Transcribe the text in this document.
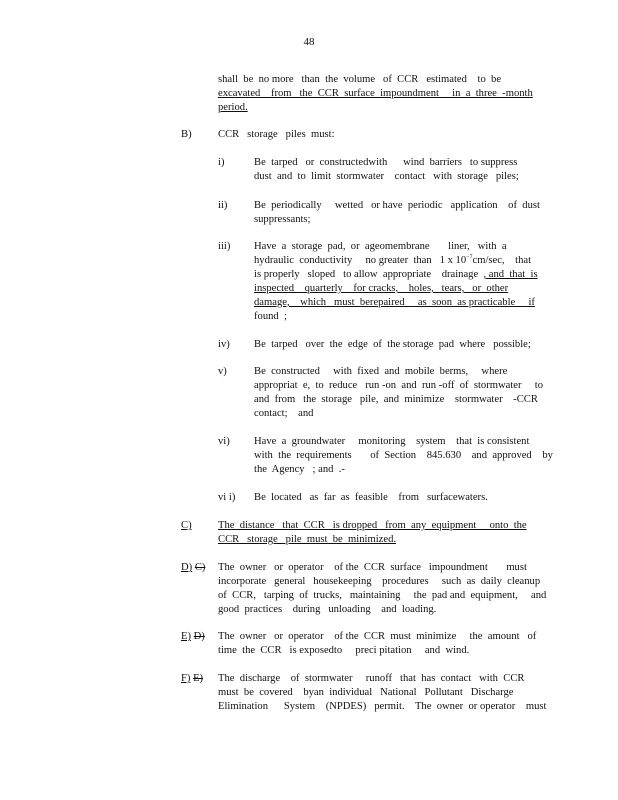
48
shall  be  no more   than  the  volume   of  CCR   estimated    to  be
excavated    from   the  CCR  surface  impoundment     in  a  three  -month
period.
B) CCR   storage   piles  must:
i)	Be  tarped   or  constructedwith      wind  barriers   to suppress
dust  and  to  limit  stormwater    contact   with  storage   piles;
ii)	Be  periodically     wetted   or have  periodic   application    of  dust
suppressants;
iii) Have  a  storage  pad,  or  ageomembrane       liner,   with  a
hydraulic  conductivity     no greater  than   1 x $10^{-7}cm/\sec$,    that
is properly   sloped   to allow  appropriate    drainage  , and  that  is
inspected    quarterly    for cracks,    holes,   tears,   or  other
damage,    which   must  berepaired     as  soon  as practicable     if
found  ;
iv) Be  tarped   over  the  edge  of  the storage  pad  where   possible;
v)	Be  constructed     with  fixed  and  mobile  berms,     where
appropriat  e,  to  reduce   run -on  and  run -off  of  stormwater     to
and  from   the  storage   pile,  and  minimize    stormwater    -CCR
contact;    and
vi) Have  a  groundwater     monitoring    system    that  is consistent
with  the  requirements       of  Section    845.630    and  approved    by
the  Agency   ; and  .-
vi i) Be  located   as  far  as  feasible    from   surfacewaters.
C) The  distance   that  CCR   is dropped   from  any  equipment     onto  the
CCR   storage   pile  must  be  minimized.
D) C) The  owner   or  operator    of the  CCR  surface   impoundment       must
incorporate   general   housekeeping    procedures     such  as  daily  cleanup
of  CCR,   tarping  of  trucks,   maintaining     the  pad and  equipment,     and
good  practices    during   unloading    and  loading.
E) D) The  owner   or  operator    of the  CCR  must  minimize     the  amount   of
time  the  CCR   is exposedto     preci pitation     and  wind.
F) E) The  discharge    of  stormwater     runoff   that  has  contact   with  CCR
must  be  covered    byan  individual   National   Pollutant   Discharge
Elimination      System    (NPDES)   permit.    The  owner  or operator    must
